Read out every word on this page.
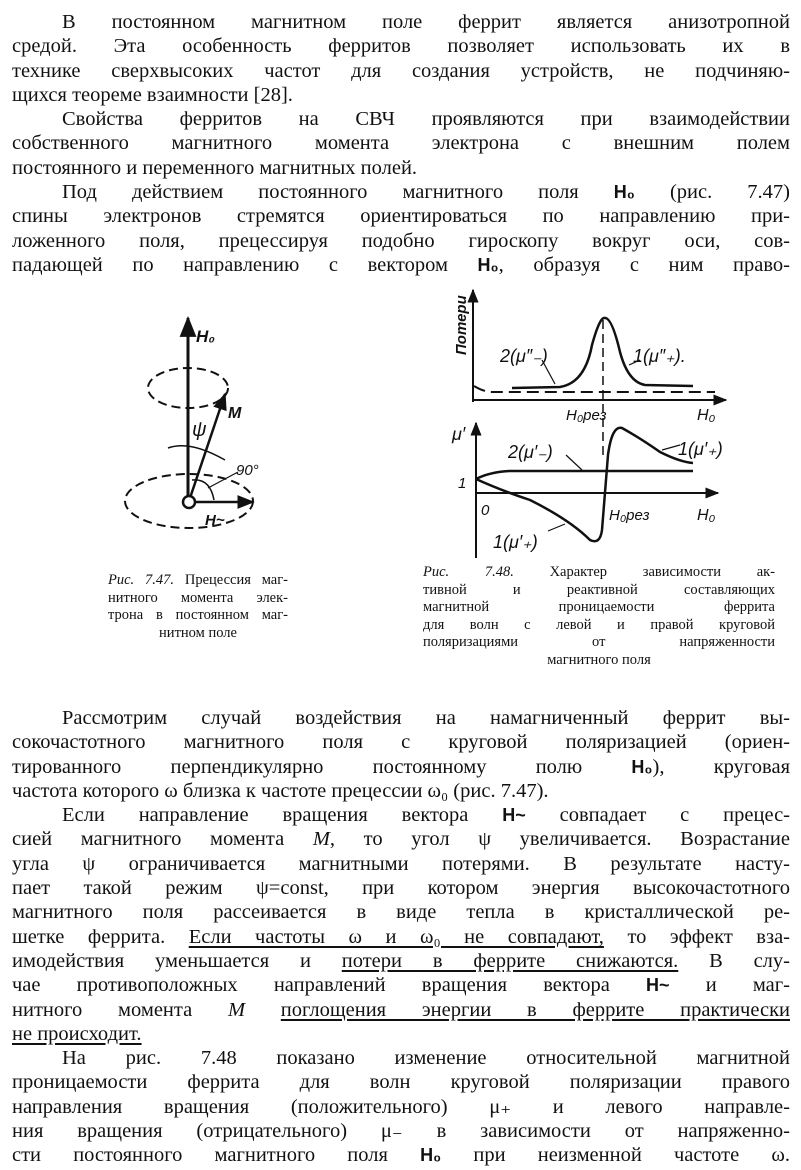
В постоянном магнитном поле феррит является анизотропной
средой. Эта особенность ферритов позволяет использовать их в
технике сверхвысоких частот для создания устройств, не подчиняю-
щихся теореме взаимности [28].
Свойства ферритов на СВЧ проявляются при взаимодействии
собственного магнитного момента электрона с внешним полем
постоянного и переменного магнитных полей.
Под действием постоянного магнитного поля H₀ (рис. 7.47)
спины электронов стремятся ориентироваться по направлению при-
ложенного поля, прецессируя подобно гироскопу вокруг оси, сов-
падающей по направлению с вектором H₀, образуя с ним право-
H₀
M
ψ
90°
H~
Потери
2(μ″₋)	1(μ″₊).
H₀рез	H₀
μ′
2(μ′₋)	1(μ′₊)
1
0	H₀рез	H₀
1(μ′₊)
Рис. 7.47. Прецессия маг-
нитного момента элек-
трона в постоянном маг-
нитном поле
Рис. 7.48. Характер зависимости ак-
тивной и реактивной составляющих
магнитной проницаемости феррита
для волн с левой и правой круговой
поляризациями от напряженности
магнитного поля
Рассмотрим случай воздействия на намагниченный феррит вы-
сокочастотного магнитного поля с круговой поляризацией (ориен-
тированного перпендикулярно постоянному полю H₀), круговая
частота которого ω близка к частоте прецессии ω₀ (рис. 7.47).
Если направление вращения вектора H~ совпадает с прецес-
сией магнитного момента M, то угол ψ увеличивается. Возрастание
угла ψ ограничивается магнитными потерями. В результате насту-
пает такой режим ψ=const, при котором энергия высокочастотного
магнитного поля рассеивается в виде тепла в кристаллической ре-
шетке феррита. Если частоты ω и ω₀ не совпадают, то эффект вза-
имодействия уменьшается и потери в феррите снижаются. В слу-
чае противоположных направлений вращения вектора H~ и маг-
нитного момента M поглощения энергии в феррите практически
не происходит.
На рис. 7.48 показано изменение относительной магнитной
проницаемости феррита для волн круговой поляризации правого
направления вращения (положительного) μ₊ и левого направле-
ния вращения (отрицательного) μ₋ в зависимости от напряженно-
сти постоянного магнитного поля H₀ при неизменной частоте ω.
